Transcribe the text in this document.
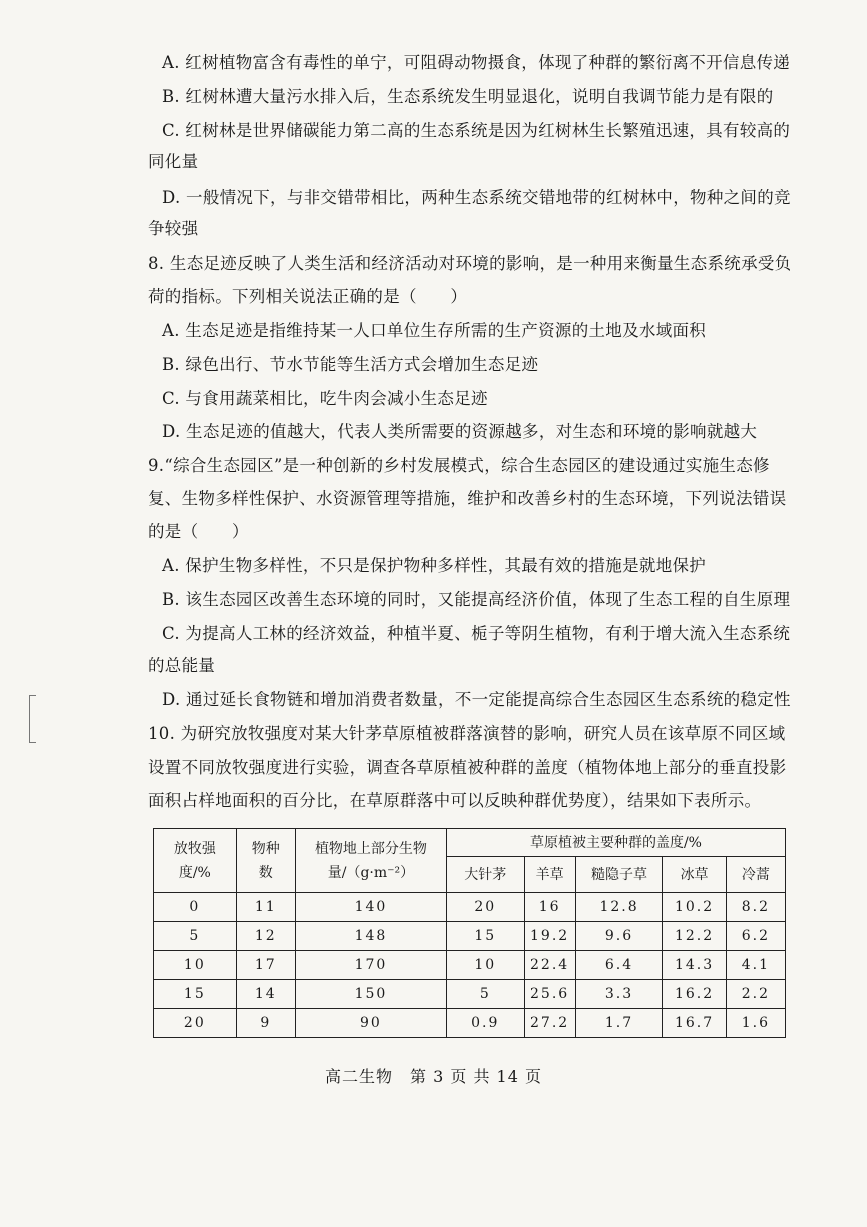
A. 红树植物富含有毒性的单宁，可阻碍动物摄食，体现了种群的繁衍离不开信息传递
B. 红树林遭大量污水排入后，生态系统发生明显退化，说明自我调节能力是有限的
C. 红树林是世界储碳能力第二高的生态系统是因为红树林生长繁殖迅速，具有较高的
同化量
D. 一般情况下，与非交错带相比，两种生态系统交错地带的红树林中，物种之间的竞
争较强
8. 生态足迹反映了人类生活和经济活动对环境的影响，是一种用来衡量生态系统承受负
荷的指标。下列相关说法正确的是（　　）
A. 生态足迹是指维持某一人口单位生存所需的生产资源的土地及水域面积
B. 绿色出行、节水节能等生活方式会增加生态足迹
C. 与食用蔬菜相比，吃牛肉会减小生态足迹
D. 生态足迹的值越大，代表人类所需要的资源越多，对生态和环境的影响就越大
9.“综合生态园区”是一种创新的乡村发展模式，综合生态园区的建设通过实施生态修
复、生物多样性保护、水资源管理等措施，维护和改善乡村的生态环境，下列说法错误
的是（　　）
A. 保护生物多样性，不只是保护物种多样性，其最有效的措施是就地保护
B. 该生态园区改善生态环境的同时，又能提高经济价值，体现了生态工程的自生原理
C. 为提高人工林的经济效益，种植半夏、栀子等阴生植物，有利于增大流入生态系统
的总能量
D. 通过延长食物链和增加消费者数量，不一定能提高综合生态园区生态系统的稳定性
10. 为研究放牧强度对某大针茅草原植被群落演替的影响，研究人员在该草原不同区域
设置不同放牧强度进行实验，调查各草原植被种群的盖度（植物体地上部分的垂直投影
面积占样地面积的百分比，在草原群落中可以反映种群优势度），结果如下表所示。
放牧强度/%	物种数	植物地上部分生物量/（g·m⁻²）	草原植被主要种群的盖度/%				
			大针茅	羊草	糙隐子草	冰草	冷蒿
0	11	140	20	16	12.8	10.2	8.2
5	12	148	15	19.2	9.6	12.2	6.2
10	17	170	10	22.4	6.4	14.3	4.1
15	14	150	5	25.6	3.3	16.2	2.2
20	9	90	0.9	27.2	1.7	16.7	1.6
高二生物　第 3 页 共 14 页
